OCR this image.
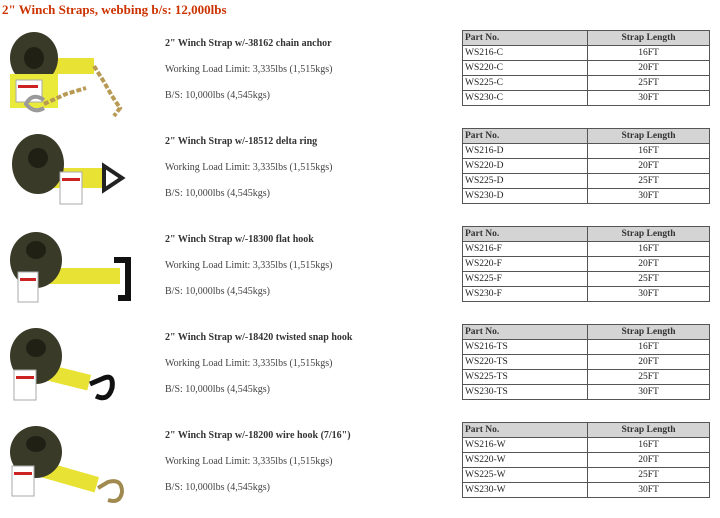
2" Winch Straps, webbing b/s: 12,000lbs
2" Winch Strap w/-38162 chain anchor
Working Load Limit: 3,335lbs (1,515kgs)
B/S: 10,000lbs (4,545kgs)
Part No.	Strap Length
WS216-C	16FT
WS220-C	20FT
WS225-C	25FT
WS230-C	30FT
2" Winch Strap w/-18512 delta ring
Working Load Limit: 3,335lbs (1,515kgs)
B/S: 10,000lbs (4,545kgs)
Part No.	Strap Length
WS216-D	16FT
WS220-D	20FT
WS225-D	25FT
WS230-D	30FT
2" Winch Strap w/-18300 flat hook
Working Load Limit: 3,335lbs (1,515kgs)
B/S: 10,000lbs (4,545kgs)
Part No.	Strap Length
WS216-F	16FT
WS220-F	20FT
WS225-F	25FT
WS230-F	30FT
2" Winch Strap w/-18420 twisted snap hook
Working Load Limit: 3,335lbs (1,515kgs)
B/S: 10,000lbs (4,545kgs)
Part No.	Strap Length
WS216-TS	16FT
WS220-TS	20FT
WS225-TS	25FT
WS230-TS	30FT
2" Winch Strap w/-18200 wire hook (7/16")
Working Load Limit: 3,335lbs (1,515kgs)
B/S: 10,000lbs (4,545kgs)
Part No.	Strap Length
WS216-W	16FT
WS220-W	20FT
WS225-W	25FT
WS230-W	30FT
